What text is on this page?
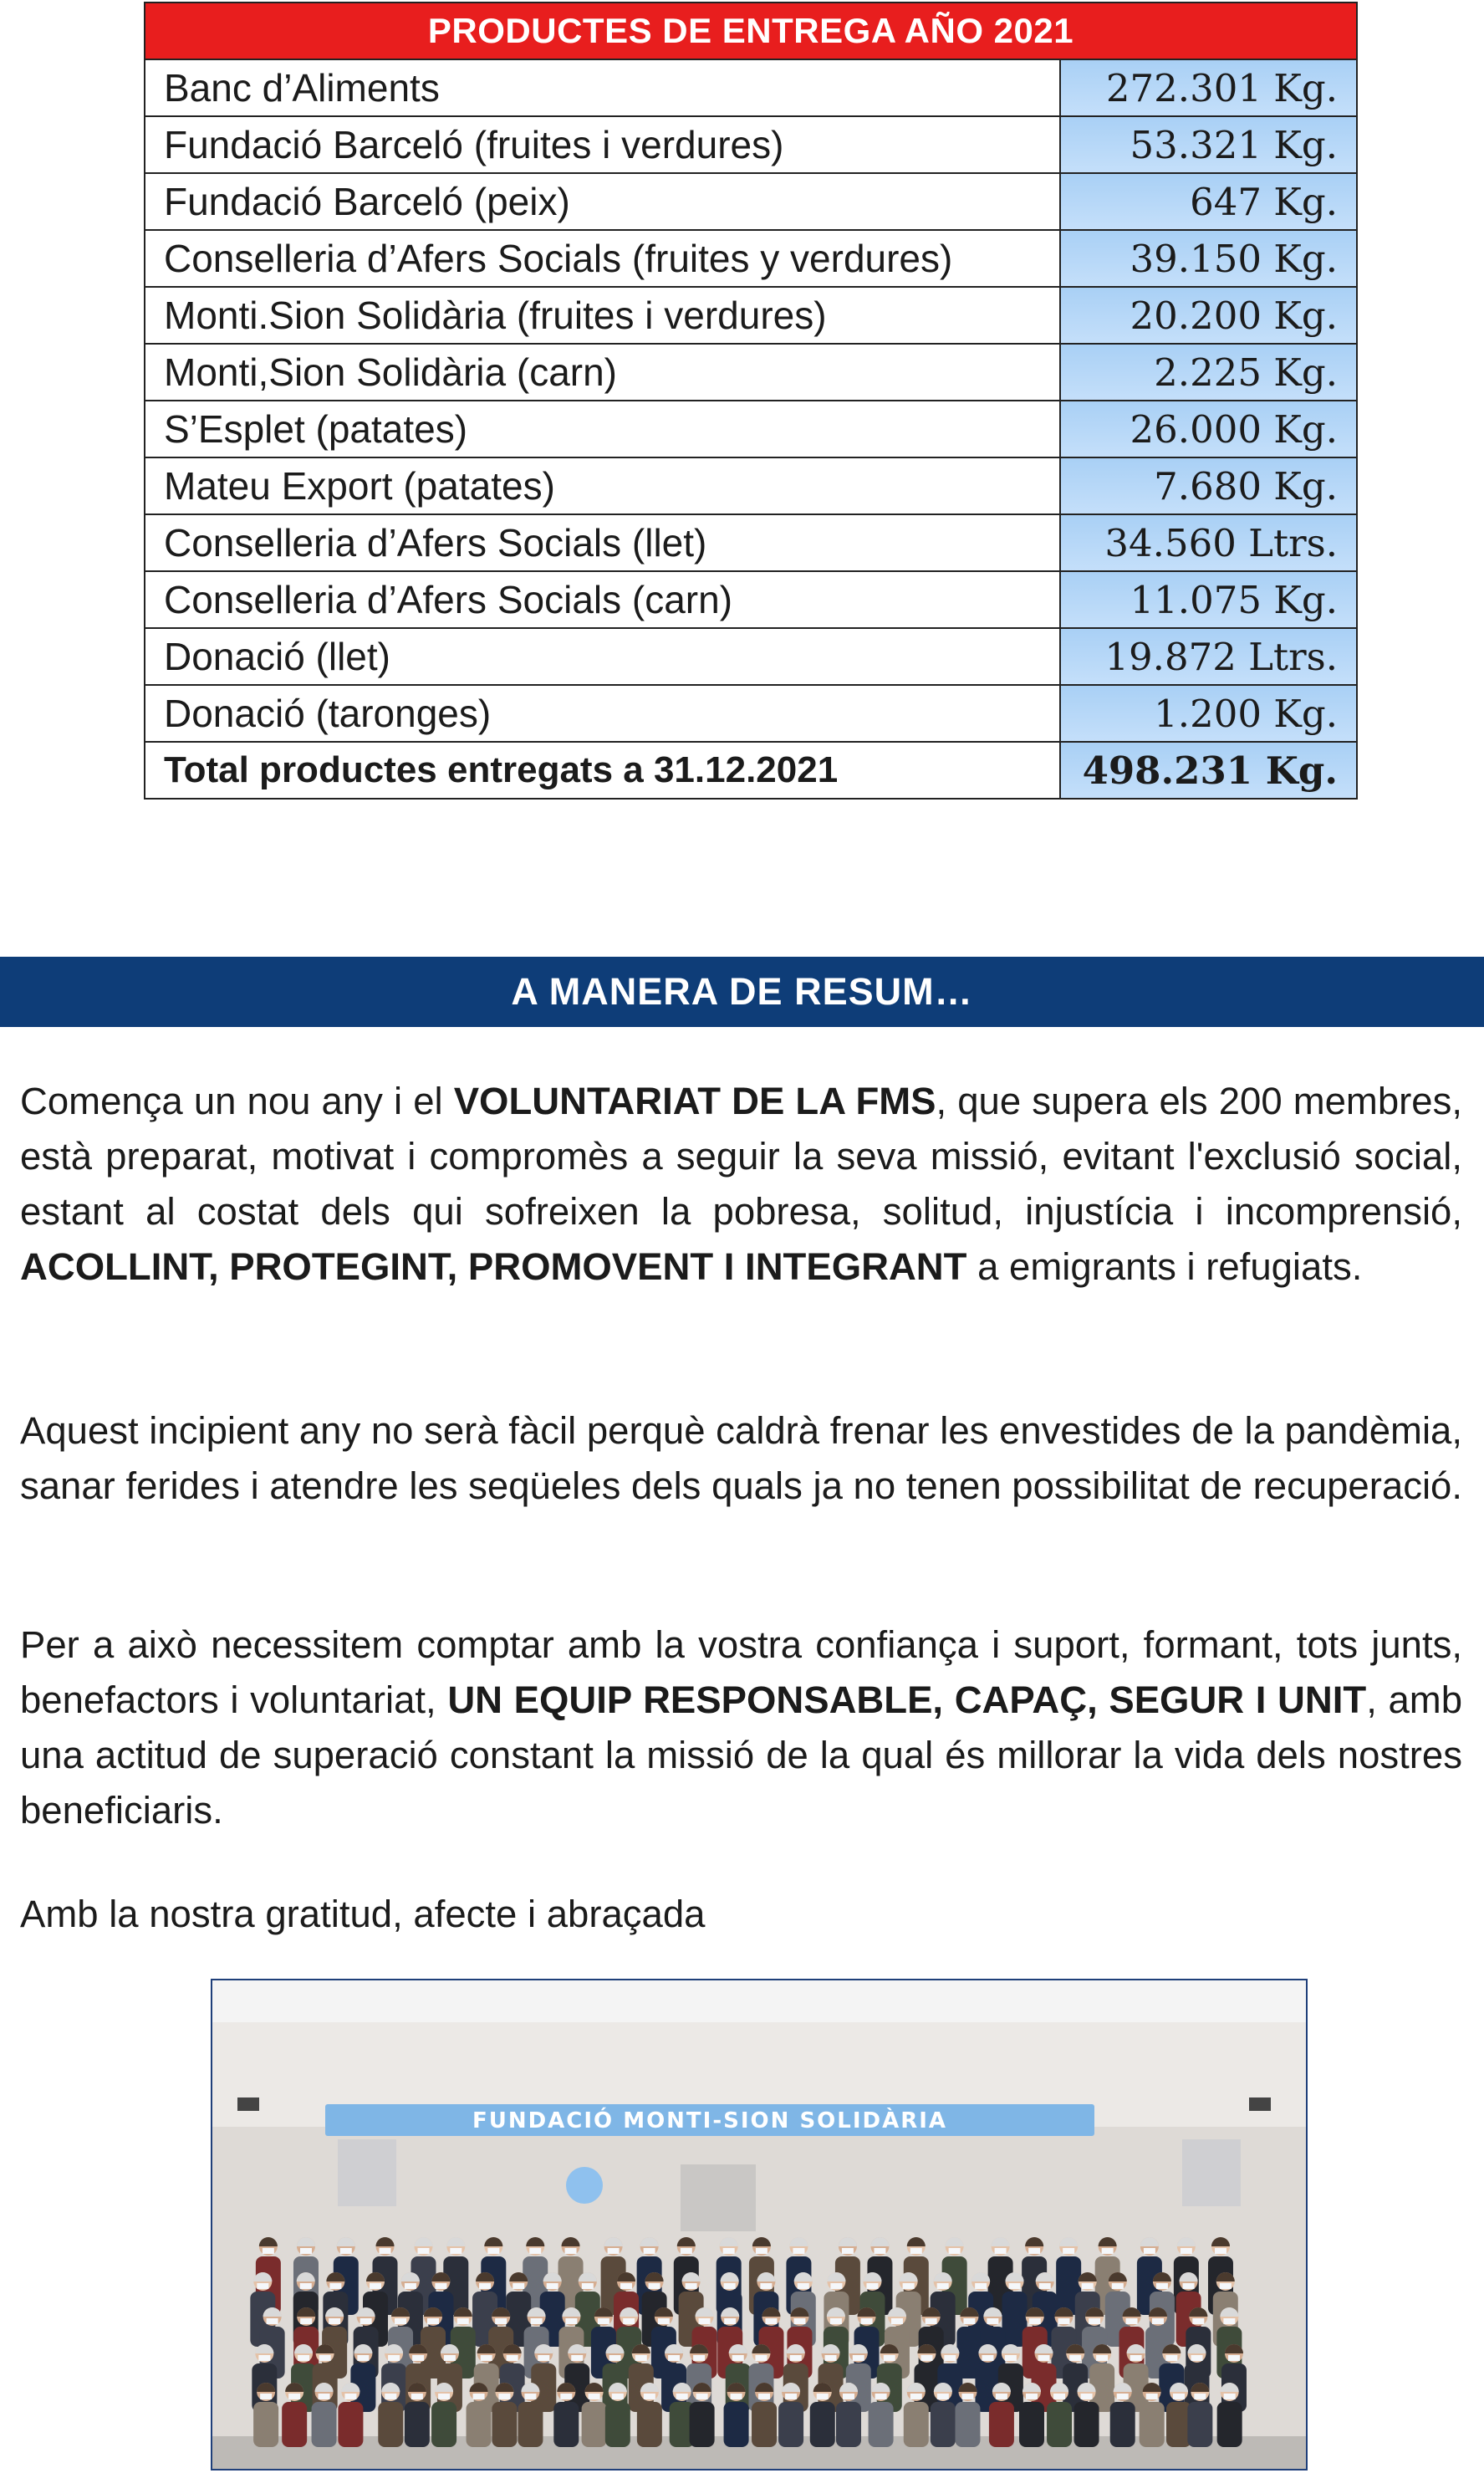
PRODUCTES DE ENTREGA AÑO 2021	
Banc d’Aliments	272.301 Kg.
Fundació Barceló (fruites i verdures)	53.321 Kg.
Fundació Barceló (peix)	647 Kg.
Conselleria d’Afers Socials (fruites y verdures)	39.150 Kg.
Monti.Sion Solidària (fruites i verdures)	20.200 Kg.
Monti,Sion Solidària (carn)	2.225 Kg.
S’Esplet (patates)	26.000 Kg.
Mateu Export (patates)	7.680 Kg.
Conselleria d’Afers Socials (llet)	34.560 Ltrs.
Conselleria d’Afers Socials (carn)	11.075 Kg.
Donació (llet)	19.872 Ltrs.
Donació (taronges)	1.200 Kg.
Total productes entregats a 31.12.2021	498.231 Kg.
A MANERA DE RESUM…

Comença un nou any i el VOLUNTARIAT DE LA FMS, que supera els 200 membres, està preparat, motivat i compromès a seguir la seva missió, evitant l'exclusió social, estant al costat dels qui sofreixen la pobresa, solitud, injustícia i incomprensió, ACOLLINT, PROTEGINT, PROMOVENT I INTEGRANT a emigrants i refugiats.

Aquest incipient any no serà fàcil perquè caldrà frenar les envestides de la pandèmia, sanar ferides i atendre les seqüeles dels quals ja no tenen possibilitat de recuperació.

Per a això necessitem comptar amb la vostra confiança i suport, formant, tots junts, benefactors i voluntariat, UN EQUIP RESPONSABLE, CAPAÇ, SEGUR I UNIT, amb una actitud de superació constant la missió de la qual és millorar la vida dels nostres beneficiaris.

Amb la nostra gratitud, afecte i abraçada

FUNDACIÓ MONTI-SION SOLIDÀRIA
